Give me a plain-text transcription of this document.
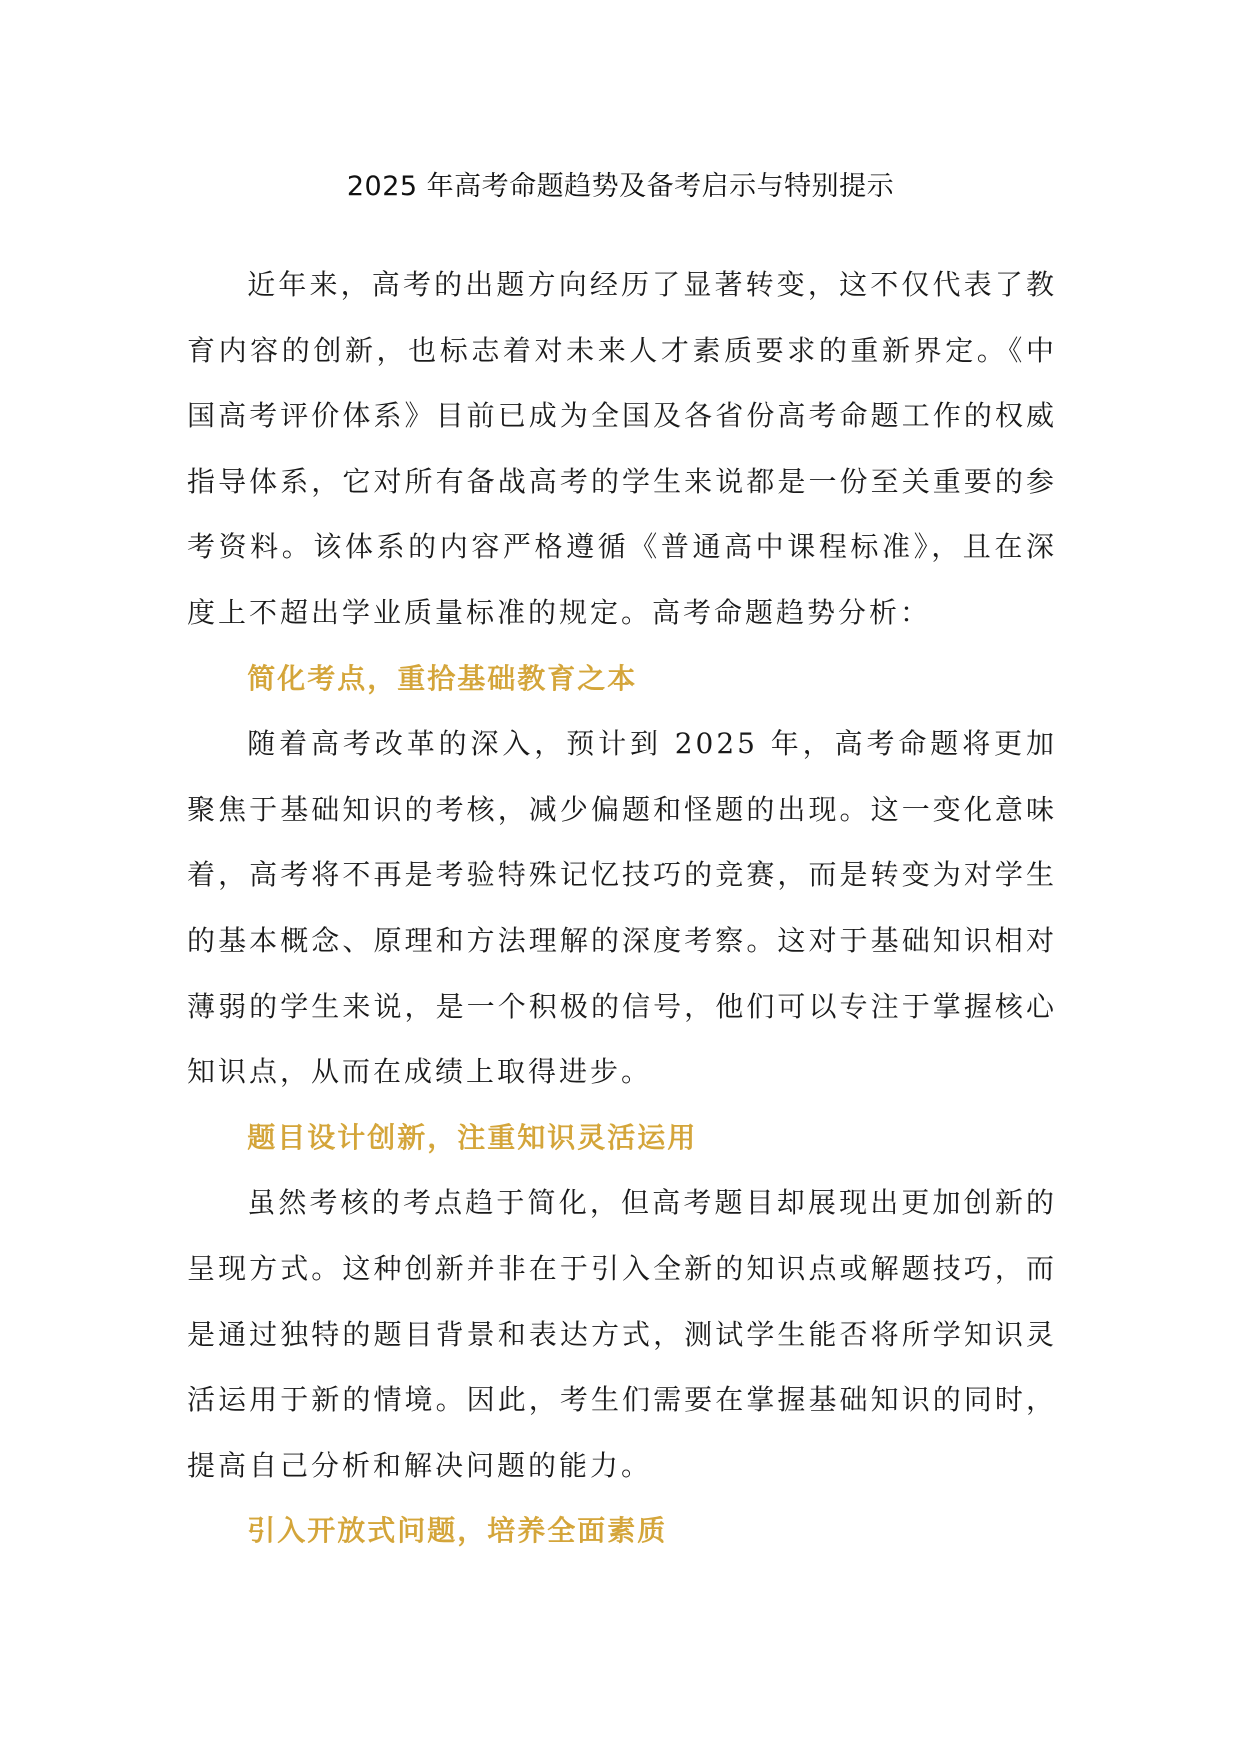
2025 年高考命题趋势及备考启示与特别提示

近年来，高考的出题方向经历了显著转变，这不仅代表了教育内容的创新，也标志着对未来人才素质要求的重新界定。《中国高考评价体系》目前已成为全国及各省份高考命题工作的权威指导体系，它对所有备战高考的学生来说都是一份至关重要的参考资料。该体系的内容严格遵循《普通高中课程标准》，且在深度上不超出学业质量标准的规定。高考命题趋势分析：

简化考点，重拾基础教育之本

随着高考改革的深入，预计到 2025 年，高考命题将更加聚焦于基础知识的考核，减少偏题和怪题的出现。这一变化意味着，高考将不再是考验特殊记忆技巧的竞赛，而是转变为对学生的基本概念、原理和方法理解的深度考察。这对于基础知识相对薄弱的学生来说，是一个积极的信号，他们可以专注于掌握核心知识点，从而在成绩上取得进步。

题目设计创新，注重知识灵活运用

虽然考核的考点趋于简化，但高考题目却展现出更加创新的呈现方式。这种创新并非在于引入全新的知识点或解题技巧，而是通过独特的题目背景和表达方式，测试学生能否将所学知识灵活运用于新的情境。因此，考生们需要在掌握基础知识的同时，提高自己分析和解决问题的能力。

引入开放式问题，培养全面素质
